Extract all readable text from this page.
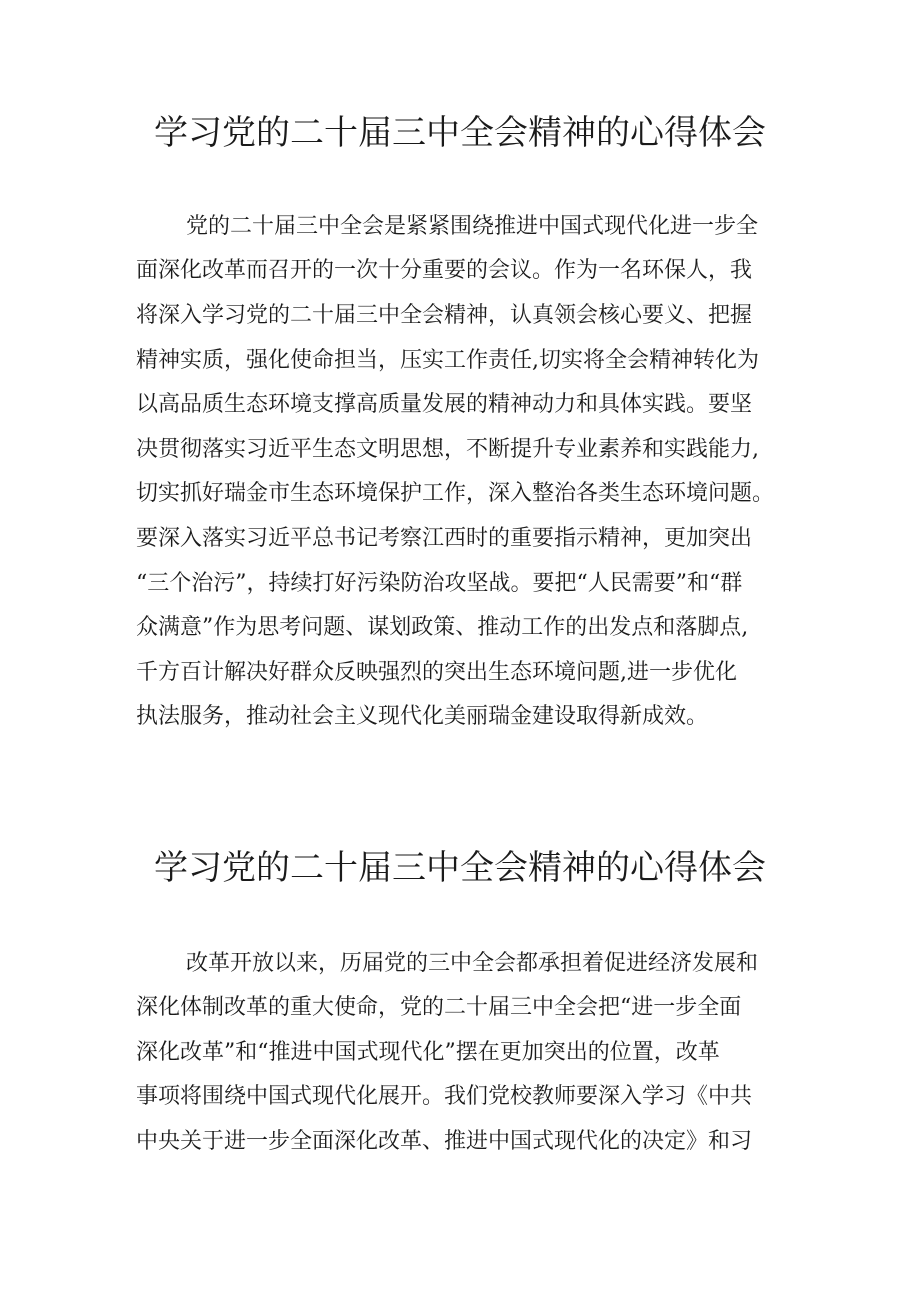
学习党的二十届三中全会精神的心得体会
党的二十届三中全会是紧紧围绕推进中国式现代化进一步全
面深化改革而召开的一次十分重要的会议。作为一名环保人，我
将深入学习党的二十届三中全会精神，认真领会核心要义、把握
精神实质，强化使命担当，压实工作责任,切实将全会精神转化为
以高品质生态环境支撑高质量发展的精神动力和具体实践。要坚
决贯彻落实习近平生态文明思想，不断提升专业素养和实践能力,
切实抓好瑞金市生态环境保护工作，深入整治各类生态环境问题。
要深入落实习近平总书记考察江西时的重要指示精神，更加突出
“三个治污”，持续打好污染防治攻坚战。要把“人民需要”和“群
众满意”作为思考问题、谋划政策、推动工作的出发点和落脚点,
千方百计解决好群众反映强烈的突出生态环境问题,进一步优化
执法服务，推动社会主义现代化美丽瑞金建设取得新成效。
学习党的二十届三中全会精神的心得体会
改革开放以来，历届党的三中全会都承担着促进经济发展和
深化体制改革的重大使命，党的二十届三中全会把“进一步全面
深化改革”和“推进中国式现代化”摆在更加突出的位置，改革
事项将围绕中国式现代化展开。我们党校教师要深入学习《中共
中央关于进一步全面深化改革、推进中国式现代化的决定》和习
